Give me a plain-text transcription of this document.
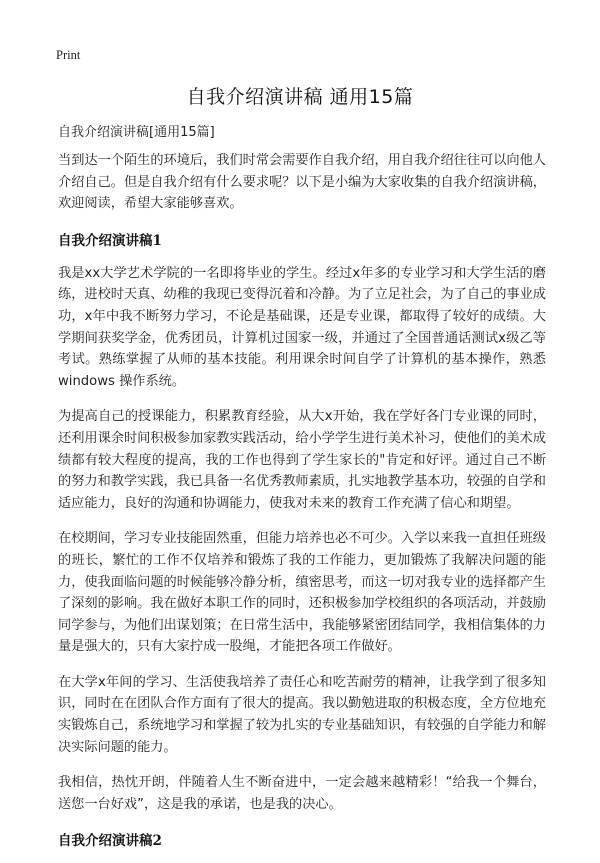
Print
自我介绍演讲稿 通用15篇

自我介绍演讲稿[通用15篇]

当到达一个陌生的环境后，我们时常会需要作自我介绍，用自我介绍往往可以向他人介绍自己。但是自我介绍有什么要求呢？以下是小编为大家收集的自我介绍演讲稿，欢迎阅读，希望大家能够喜欢。

自我介绍演讲稿1

我是xx大学艺术学院的一名即将毕业的学生。经过x年多的专业学习和大学生活的磨练，进校时天真、幼稚的我现已变得沉着和冷静。为了立足社会，为了自己的事业成功，x年中我不断努力学习，不论是基础课，还是专业课，都取得了较好的成绩。大学期间获奖学金，优秀团员，计算机过国家一级，并通过了全国普通话测试x级乙等考试。熟练掌握了从师的基本技能。利用课余时间自学了计算机的基本操作，熟悉windows 操作系统。

为提高自己的授课能力，积累教育经验，从大x开始，我在学好各门专业课的同时，还利用课余时间积极参加家教实践活动，给小学学生进行美术补习，使他们的美术成绩都有较大程度的提高，我的工作也得到了学生家长的"肯定和好评。通过自己不断的努力和教学实践，我已具备一名优秀教师素质，扎实地教学基本功，较强的自学和适应能力，良好的沟通和协调能力，使我对未来的教育工作充满了信心和期望。

在校期间，学习专业技能固然重，但能力培养也必不可少。入学以来我一直担任班级的班长，繁忙的工作不仅培养和锻炼了我的工作能力，更加锻炼了我解决问题的能力，使我面临问题的时候能够冷静分析，缜密思考，而这一切对我专业的选择都产生了深刻的影响。我在做好本职工作的同时，还积极参加学校组织的各项活动，并鼓励同学参与，为他们出谋划策；在日常生活中，我能够紧密团结同学，我相信集体的力量是强大的，只有大家拧成一股绳，才能把各项工作做好。

在大学x年间的学习、生活使我培养了责任心和吃苦耐劳的精神，让我学到了很多知识，同时在在团队合作方面有了很大的提高。我以勤勉进取的积极态度，全方位地充实锻炼自己，系统地学习和掌握了较为扎实的专业基础知识，有较强的自学能力和解决实际问题的能力。

我相信，热忱开朗，伴随着人生不断奋进中，一定会越来越精彩！“给我一个舞台，送您一台好戏”，这是我的承诺，也是我的决心。

自我介绍演讲稿2
